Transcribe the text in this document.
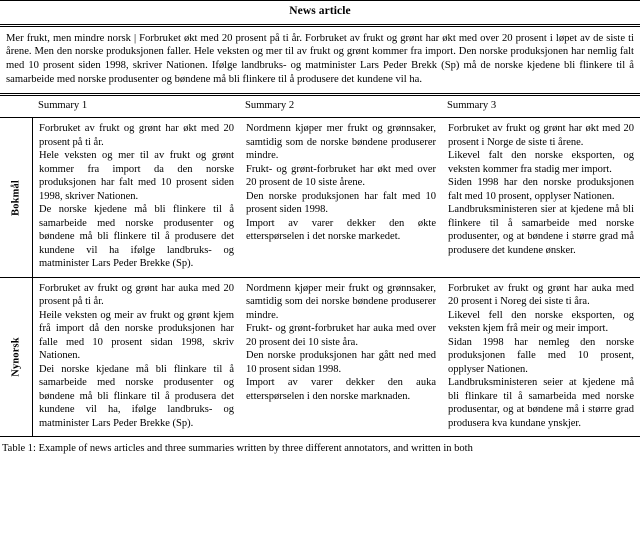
News article

Mer frukt, men mindre norsk | Forbruket økt med 20 prosent på ti år. Forbruket av frukt og grønt har økt med over 20 prosent i løpet av de siste ti årene. Men den norske produksjonen faller. Hele veksten og mer til av frukt og grønt kommer fra import. Den norske produksjonen har nemlig falt med 10 prosent siden 1998, skriver Nationen. Ifølge landbruks- og matminister Lars Peder Brekk (Sp) må de norske kjedene bli flinkere til å samarbeide med norske produsenter og bøndene må bli flinkere til å produsere det kundene vil ha.

Summary 1	Summary 2	Summary 3
Bokmål

Forbruket av frukt og grønt har økt med 20 prosent på ti år.

Hele veksten og mer til av frukt og grønt kommer fra import da den norske produksjonen har falt med 10 prosent siden 1998, skriver Nationen.

De norske kjedene må bli flinkere til å samarbeide med norske produsenter og bøndene må bli flinkere til å produsere det kundene vil ha ifølge landbruks- og matminister Lars Peder Brekke (Sp).

Nordmenn kjøper mer frukt og grønnsaker, samtidig som de norske bøndene produserer mindre.

Frukt- og grønt-forbruket har økt med over 20 prosent de 10 siste årene.

Den norske produksjonen har falt med 10 prosent siden 1998.

Import av varer dekker den økte etterspørselen i det norske markedet.

Forbruket av frukt og grønt har økt med 20 prosent i Norge de siste ti årene.

Likevel falt den norske eksporten, og veksten kommer fra stadig mer import.

Siden 1998 har den norske produksjonen falt med 10 prosent, opplyser Nationen.

Landbruksministeren sier at kjedene må bli flinkere til å samarbeide med norske produsenter, og at bøndene i større grad må produsere det kundene ønsker.

Nynorsk

Forbruket av frukt og grønt har auka med 20 prosent på ti år.

Heile veksten og meir av frukt og grønt kjem frå import då den norske produksjonen har falle med 10 prosent sidan 1998, skriv Nationen.

Dei norske kjedane må bli flinkare til å samarbeide med norske produsenter og bøndene må bli flinkare til å produsera det kundene vil ha, ifølge landbruks- og matminister Lars Peder Brekke (Sp).

Nordmenn kjøper meir frukt og grønnsaker, samtidig som dei norske bøndene produserer mindre.

Frukt- og grønt-forbruket har auka med over 20 prosent dei 10 siste åra.

Den norske produksjonen har gått ned med 10 prosent sidan 1998.

Import av varer dekker den auka etterspørselen i den norske marknaden.

Forbruket av frukt og grønt har auka med 20 prosent i Noreg dei siste ti åra.

Likevel fell den norske eksporten, og veksten kjem frå meir og meir import.

Sidan 1998 har nemleg den norske produksjonen falle med 10 prosent, opplyser Nationen.

Landbruksministeren seier at kjedene må bli flinkare til å samarbeida med norske produsentar, og at bøndene må i større grad produsera kva kundane ynskjer.

Table 1: Example of news articles and three summaries written by three different annotators, and written in both
